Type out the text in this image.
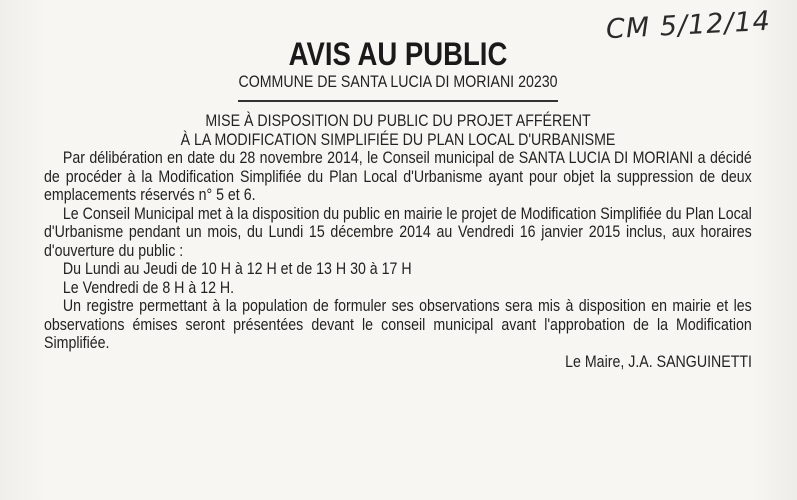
CM 5/12/14
AVIS AU PUBLIC

COMMUNE DE SANTA LUCIA DI MORIANI 20230

MISE À DISPOSITION DU PUBLIC DU PROJET AFFÉRENT

À LA MODIFICATION SIMPLIFIÉE DU PLAN LOCAL D'URBANISME

Par délibération en date du 28 novembre 2014, le Conseil municipal de SANTA LUCIA DI MORIANI a décidé de procéder à la Modification Simplifiée du Plan Local d'Urbanisme ayant pour objet la suppression de deux emplacements réservés n° 5 et 6.

Le Conseil Municipal met à la disposition du public en mairie le projet de Modification Simplifiée du Plan Local d'Urbanisme pendant un mois, du Lundi 15 décembre 2014 au Vendredi 16 janvier 2015 inclus, aux horaires d'ouverture du public :

Du Lundi au Jeudi de 10 H à 12 H et de 13 H 30 à 17 H

Le Vendredi de 8 H à 12 H.

Un registre permettant à la population de formuler ses observations sera mis à disposition en mairie et les observations émises seront présentées devant le conseil municipal avant l'approbation de la Modification Simplifiée.

Le Maire, J.A. SANGUINETTI
